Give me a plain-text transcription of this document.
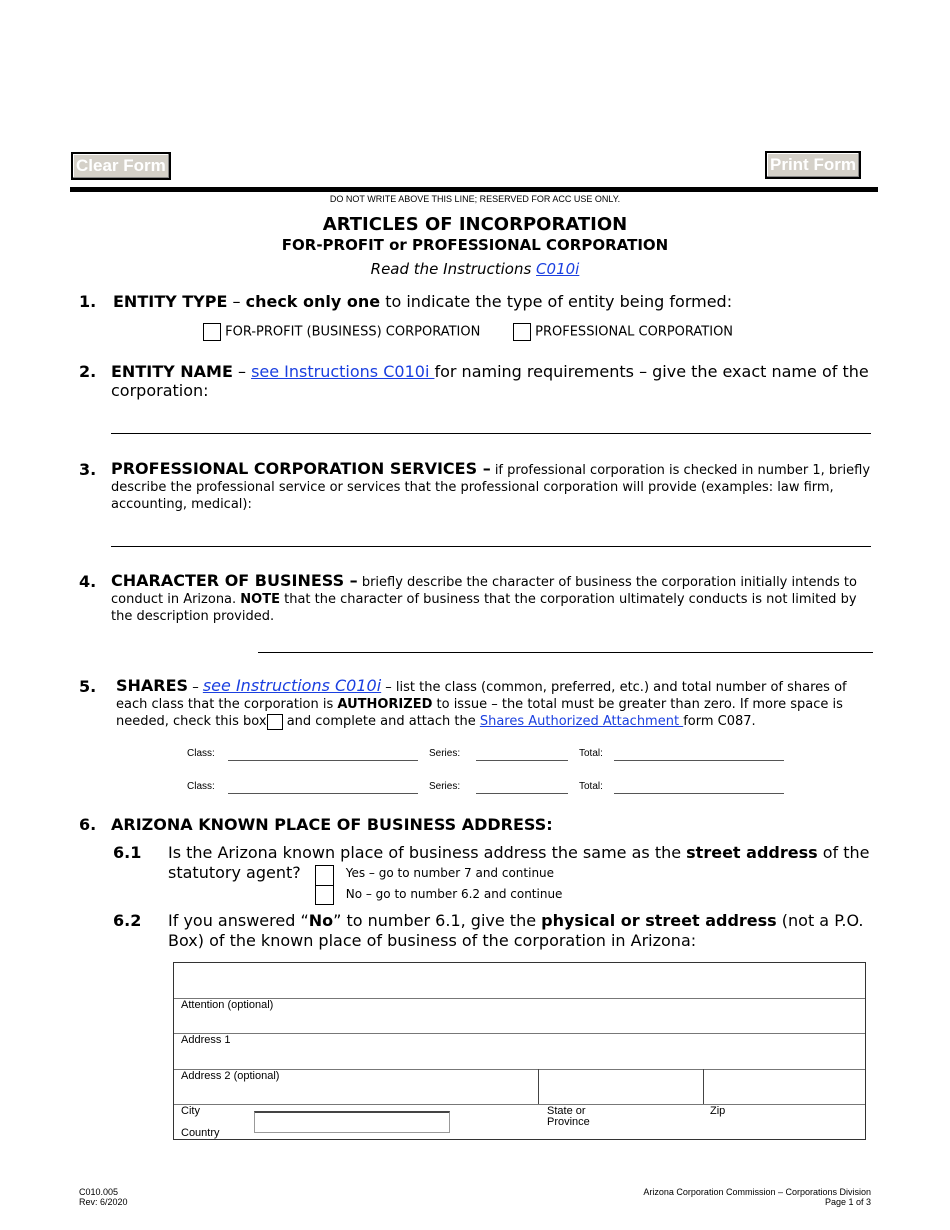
Clear Form	Print Form
DO NOT WRITE ABOVE THIS LINE; RESERVED FOR ACC USE ONLY.
ARTICLES OF INCORPORATION
FOR-PROFIT or PROFESSIONAL CORPORATION
Read the Instructions C010i
1. ENTITY TYPE – check only one to indicate the type of entity being formed:
FOR-PROFIT (BUSINESS) CORPORATION	PROFESSIONAL CORPORATION
2. ENTITY NAME – see Instructions C010i for naming requirements – give the exact name of the corporation:
3. PROFESSIONAL CORPORATION SERVICES – if professional corporation is checked in number 1, briefly describe the professional service or services that the professional corporation will provide (examples: law firm, accounting, medical):
4. CHARACTER OF BUSINESS – briefly describe the character of business the corporation initially intends to conduct in Arizona. NOTE that the character of business that the corporation ultimately conducts is not limited by the description provided.
5. SHARES – see Instructions C010i – list the class (common, preferred, etc.) and total number of shares of each class that the corporation is AUTHORIZED to issue – the total must be greater than zero. If more space is needed, check this box and complete and attach the Shares Authorized Attachment form C087.
Class:	Series:	Total:
Class:	Series:	Total:
6. ARIZONA KNOWN PLACE OF BUSINESS ADDRESS:
6.1 Is the Arizona known place of business address the same as the street address of the statutory agent?	Yes – go to number 7 and continue
No – go to number 6.2 and continue
6.2 If you answered “No” to number 6.1, give the physical or street address (not a P.O. Box) of the known place of business of the corporation in Arizona:
Attention (optional)
Address 1
Address 2 (optional)
City
Country
State or
Province
Zip
C010.005
Rev: 6/2020
Arizona Corporation Commission – Corporations Division
Page 1 of 3
